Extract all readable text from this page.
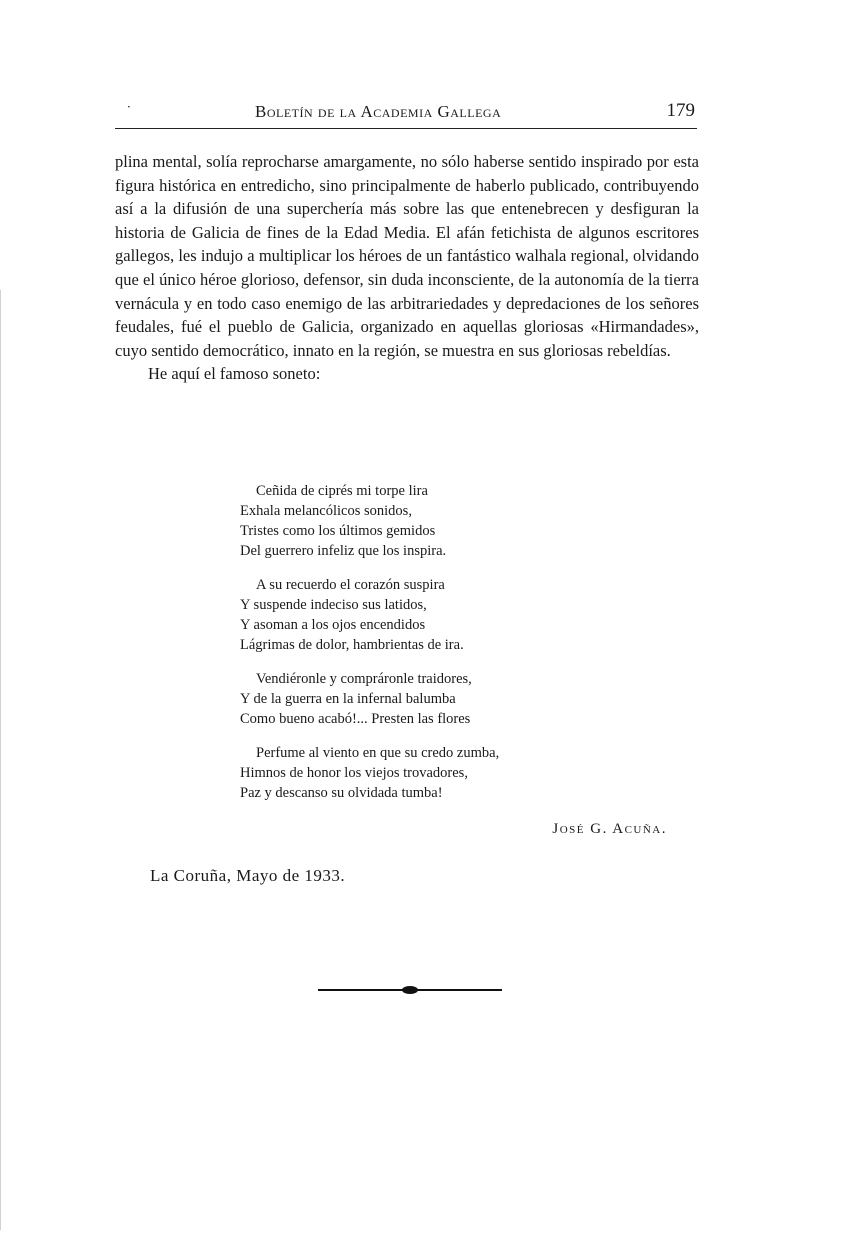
·	Boletín de la Academia Gallega	179

plina mental, solía reprocharse amargamente, no sólo haberse sentido inspirado por esta figura histórica en entredicho, sino principalmente de haberlo publicado, contribuyendo así a la difusión de una superchería más sobre las que entenebrecen y desfiguran la historia de Galicia de fines de la Edad Media. El afán fetichista de algunos escritores gallegos, les indujo a multiplicar los héroes de un fantástico walhala regional, olvidando que el único héroe glorioso, defensor, sin duda inconsciente, de la autonomía de la tierra vernácula y en todo caso enemigo de las arbitrariedades y depredaciones de los señores feudales, fué el pueblo de Galicia, organizado en aquellas gloriosas «Hirmandades», cuyo sentido democrático, innato en la región, se muestra en sus gloriosas rebeldías.

He aquí el famoso soneto:

Ceñida de ciprés mi torpe lira
Exhala melancólicos sonidos,
Tristes como los últimos gemidos
Del guerrero infeliz que los inspira.
A su recuerdo el corazón suspira
Y suspende indeciso sus latidos,
Y asoman a los ojos encendidos
Lágrimas de dolor, hambrientas de ira.
Vendiéronle y compráronle traidores,
Y de la guerra en la infernal balumba
Como bueno acabó!... Presten las flores
Perfume al viento en que su credo zumba,
Himnos de honor los viejos trovadores,
Paz y descanso su olvidada tumba!
José G. Acuña.
La Coruña, Mayo de 1933.
